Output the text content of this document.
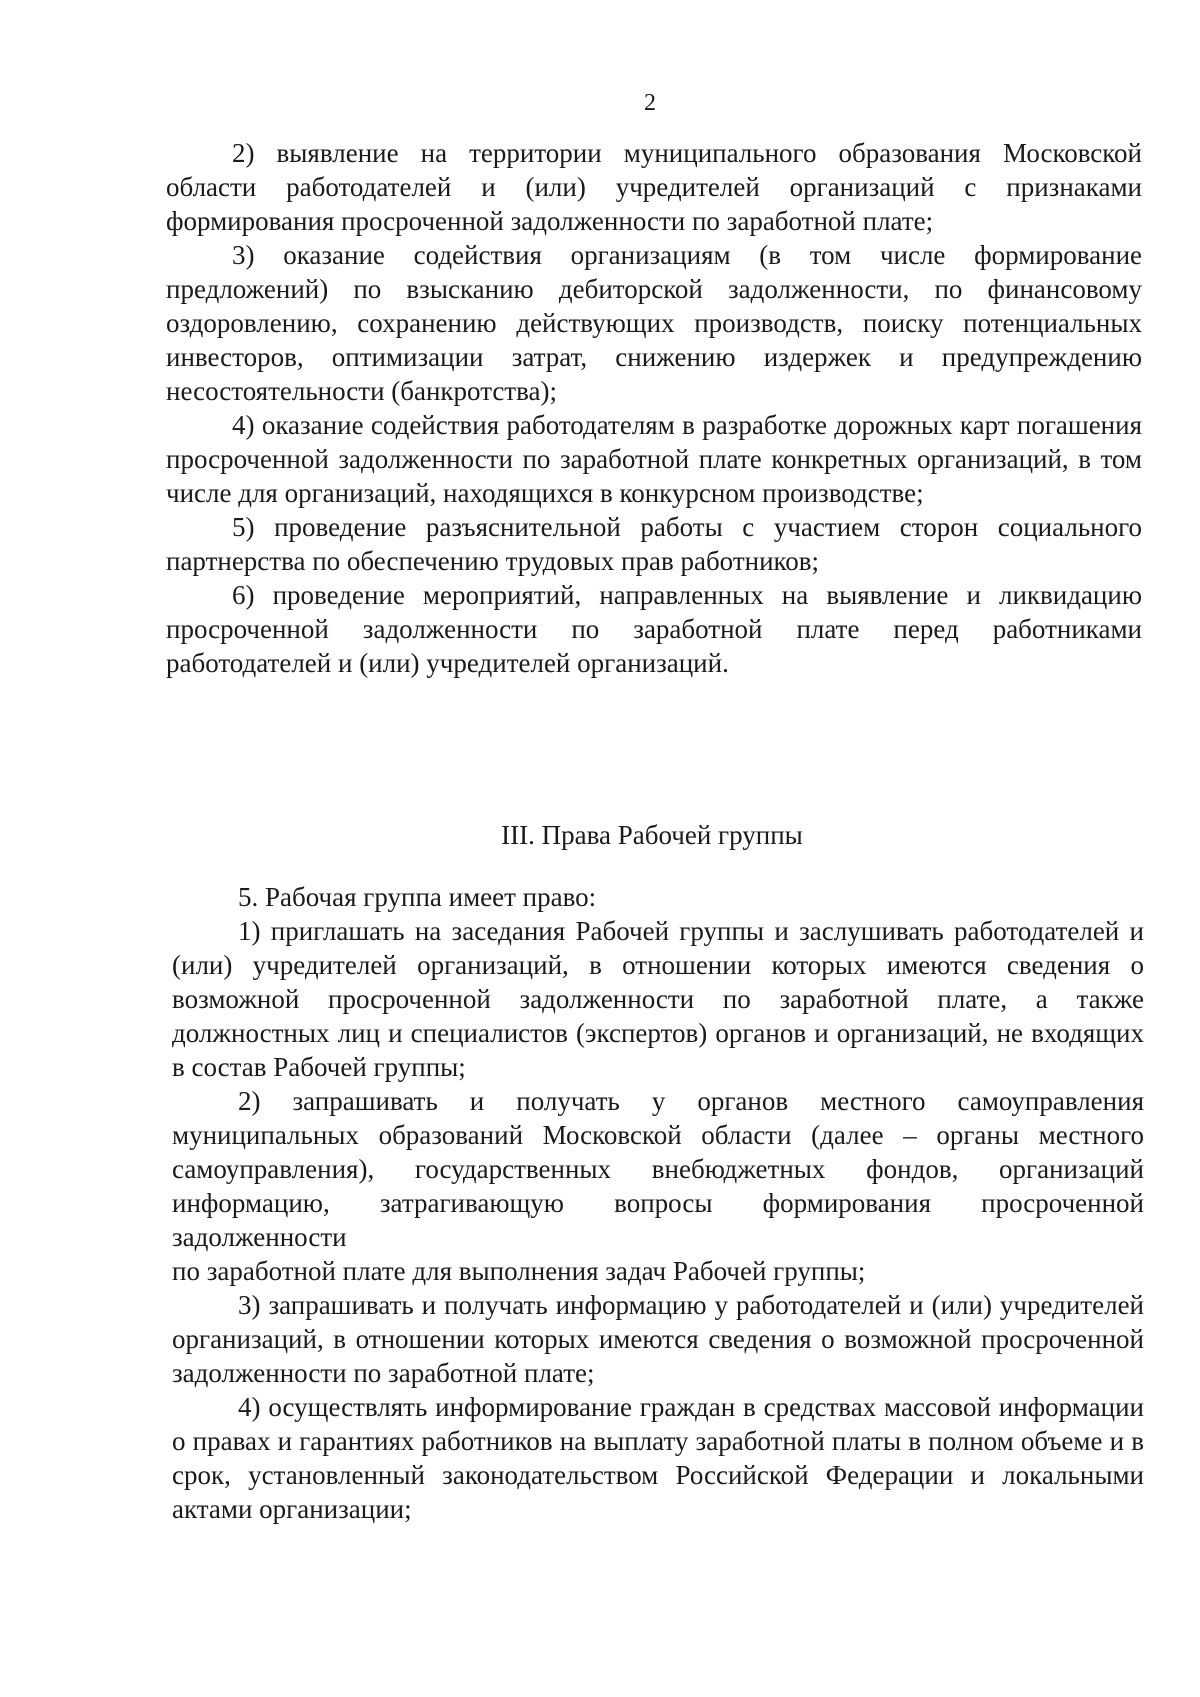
2

2) выявление на территории муниципального образования Московской области работодателей и (или) учредителей организаций с признаками формирования просроченной задолженности по заработной плате;

3) оказание содействия организациям (в том числе формирование предложений) по взысканию дебиторской задолженности, по финансовому оздоровлению, сохранению действующих производств, поиску потенциальных инвесторов, оптимизации затрат, снижению издержек и предупреждению несостоятельности (банкротства);

4) оказание содействия работодателям в разработке дорожных карт погашения просроченной задолженности по заработной плате конкретных организаций, в том числе для организаций, находящихся в конкурсном производстве;

5) проведение разъяснительной работы с участием сторон социального партнерства по обеспечению трудовых прав работников;

6) проведение мероприятий, направленных на выявление и ликвидацию просроченной задолженности по заработной плате перед работниками работодателей и (или) учредителей организаций.

III. Права Рабочей группы

5. Рабочая группа имеет право:

1) приглашать на заседания Рабочей группы и заслушивать работодателей и (или) учредителей организаций, в отношении которых имеются сведения о возможной просроченной задолженности по заработной плате, а также должностных лиц и специалистов (экспертов) органов и организаций, не входящих в состав Рабочей группы;

2) запрашивать и получать у органов местного самоуправления муниципальных образований Московской области (далее – органы местного самоуправления), государственных внебюджетных фондов, организаций информацию, затрагивающую вопросы формирования просроченной задолженности

по заработной плате для выполнения задач Рабочей группы;

3) запрашивать и получать информацию у работодателей и (или) учредителей организаций, в отношении которых имеются сведения о возможной просроченной задолженности по заработной плате;

4) осуществлять информирование граждан в средствах массовой информации о правах и гарантиях работников на выплату заработной платы в полном объеме и в срок, установленный законодательством Российской Федерации и локальными актами организации;
